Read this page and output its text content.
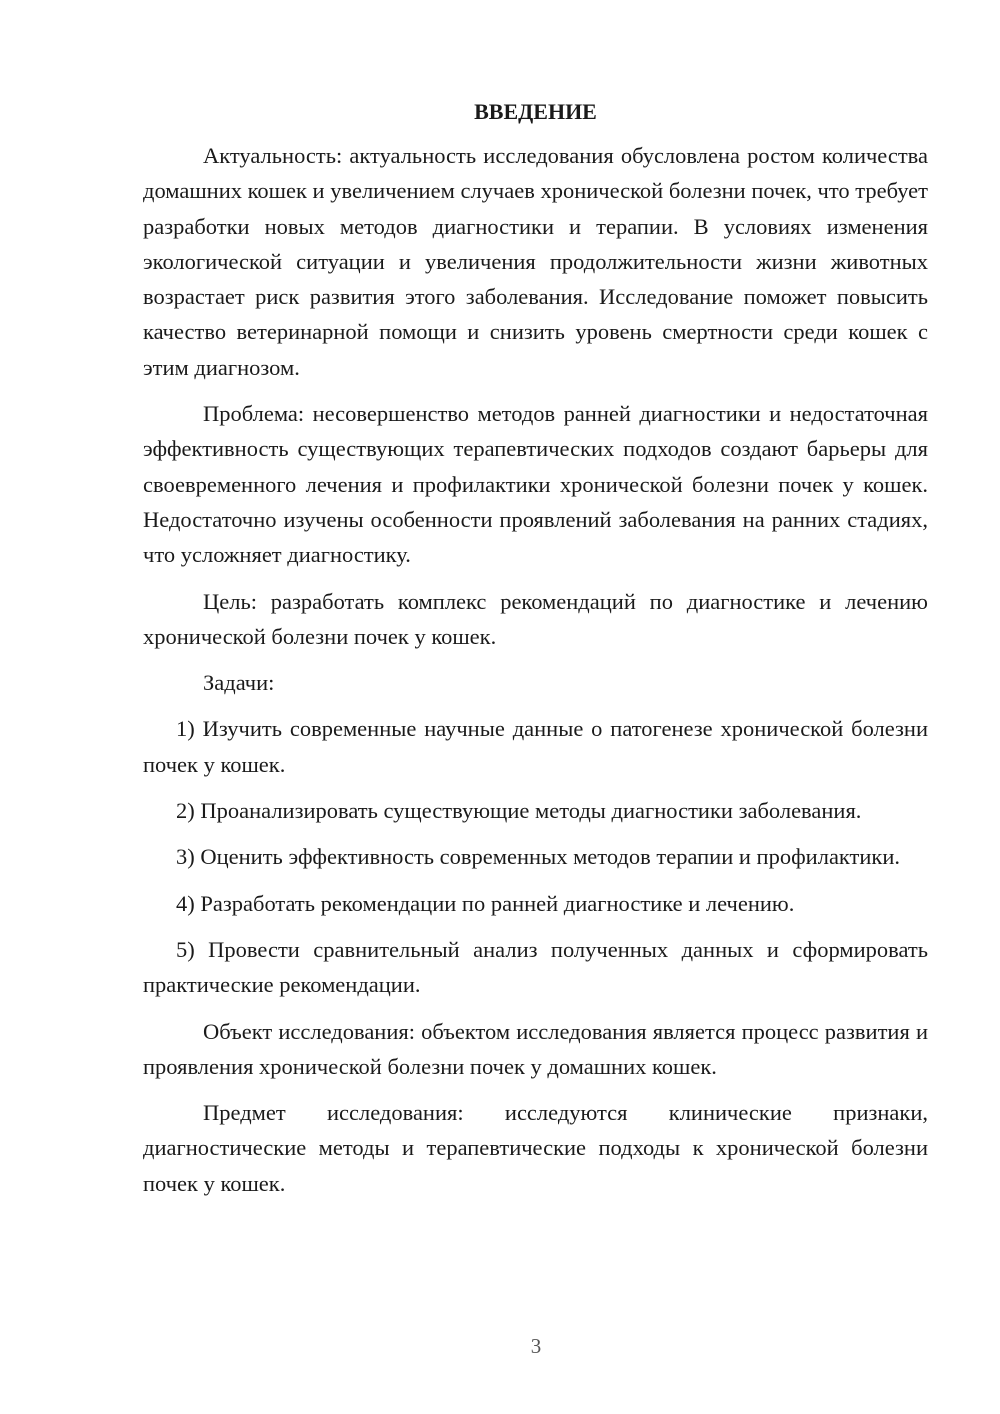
ВВЕДЕНИЕ

Актуальность: актуальность исследования обусловлена ростом количества домашних кошек и увеличением случаев хронической болезни почек, что требует разработки новых методов диагностики и терапии. В условиях изменения экологической ситуации и увеличения продолжительности жизни животных возрастает риск развития этого заболевания. Исследование поможет повысить качество ветеринарной помощи и снизить уровень смертности среди кошек с этим диагнозом.

Проблема: несовершенство методов ранней диагностики и недостаточная эффективность существующих терапевтических подходов создают барьеры для своевременного лечения и профилактики хронической болезни почек у кошек. Недостаточно изучены особенности проявлений заболевания на ранних стадиях, что усложняет диагностику.

Цель: разработать комплекс рекомендаций по диагностике и лечению хронической болезни почек у кошек.

Задачи:

1) Изучить современные научные данные о патогенезе хронической болезни почек у кошек.

2) Проанализировать существующие методы диагностики заболевания.

3) Оценить эффективность современных методов терапии и профилактики.

4) Разработать рекомендации по ранней диагностике и лечению.

5) Провести сравнительный анализ полученных данных и сформировать практические рекомендации.

Объект исследования: объектом исследования является процесс развития и проявления хронической болезни почек у домашних кошек.

Предмет исследования: исследуются клинические признаки, диагностические методы и терапевтические подходы к хронической болезни почек у кошек.

3
